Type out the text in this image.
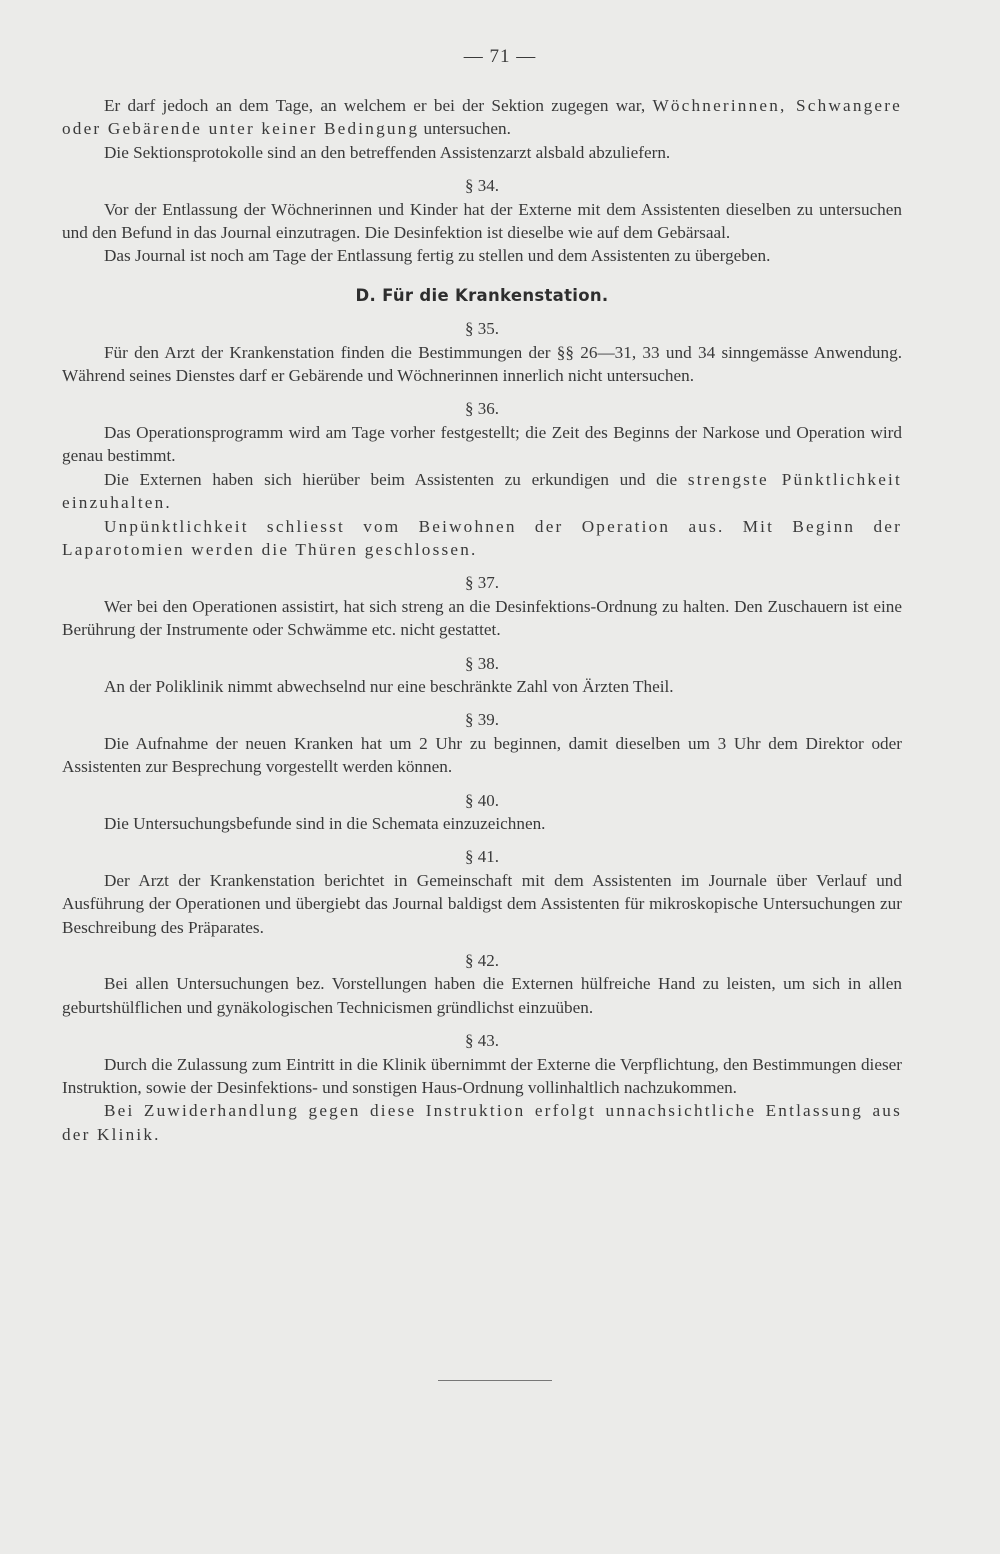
— 71 —

Er darf jedoch an dem Tage, an welchem er bei der Sektion zugegen war, Wöchnerinnen, Schwangere oder Gebärende unter keiner Bedingung untersuchen.

Die Sektionsprotokolle sind an den betreffenden Assistenzarzt alsbald abzuliefern.

§ 34.

Vor der Entlassung der Wöchnerinnen und Kinder hat der Externe mit dem Assistenten dieselben zu untersuchen und den Befund in das Journal einzutragen. Die Desinfektion ist dieselbe wie auf dem Gebärsaal.

Das Journal ist noch am Tage der Entlassung fertig zu stellen und dem Assistenten zu übergeben.

D. Für die Krankenstation.

§ 35.

Für den Arzt der Krankenstation finden die Bestimmungen der §§ 26—31, 33 und 34 sinngemässe Anwendung. Während seines Dienstes darf er Gebärende und Wöchnerinnen innerlich nicht untersuchen.

§ 36.

Das Operationsprogramm wird am Tage vorher festgestellt; die Zeit des Beginns der Narkose und Operation wird genau bestimmt.

Die Externen haben sich hierüber beim Assistenten zu erkundigen und die strengste Pünktlichkeit einzuhalten.

Unpünktlichkeit schliesst vom Beiwohnen der Operation aus. Mit Beginn der Laparotomien werden die Thüren geschlossen.

§ 37.

Wer bei den Operationen assistirt, hat sich streng an die Desinfektions-Ordnung zu halten. Den Zuschauern ist eine Berührung der Instrumente oder Schwämme etc. nicht gestattet.

§ 38.

An der Poliklinik nimmt abwechselnd nur eine beschränkte Zahl von Ärzten Theil.

§ 39.

Die Aufnahme der neuen Kranken hat um 2 Uhr zu beginnen, damit dieselben um 3 Uhr dem Direktor oder Assistenten zur Besprechung vorgestellt werden können.

§ 40.

Die Untersuchungsbefunde sind in die Schemata einzuzeichnen.

§ 41.

Der Arzt der Krankenstation berichtet in Gemeinschaft mit dem Assistenten im Journale über Verlauf und Ausführung der Operationen und übergiebt das Journal baldigst dem Assistenten für mikroskopische Untersuchungen zur Beschreibung des Präparates.

§ 42.

Bei allen Untersuchungen bez. Vorstellungen haben die Externen hülfreiche Hand zu leisten, um sich in allen geburtshülflichen und gynäkologischen Technicismen gründlichst einzuüben.

§ 43.

Durch die Zulassung zum Eintritt in die Klinik übernimmt der Externe die Verpflichtung, den Bestimmungen dieser Instruktion, sowie der Desinfektions- und sonstigen Haus-Ordnung vollinhaltlich nachzukommen.

Bei Zuwiderhandlung gegen diese Instruktion erfolgt unnachsichtliche Entlassung aus der Klinik.
